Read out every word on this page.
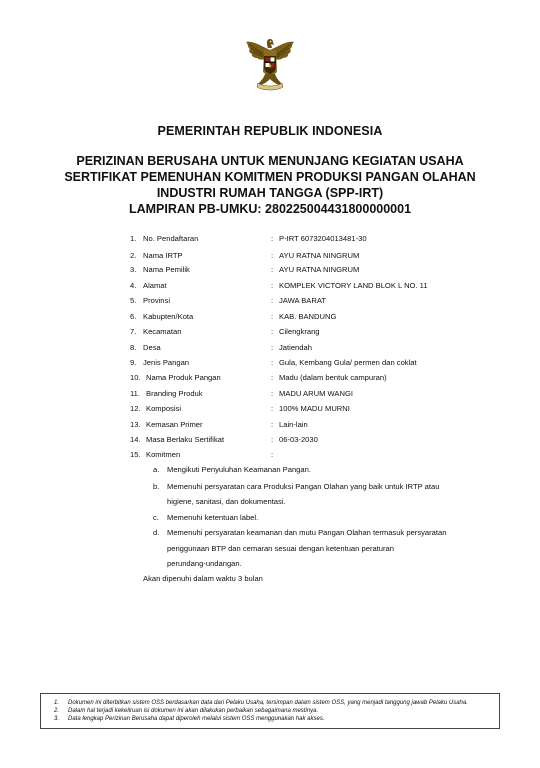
PEMERINTAH REPUBLIK INDONESIA
PERIZINAN BERUSAHA UNTUK MENUNJANG KEGIATAN USAHA
SERTIFIKAT PEMENUHAN KOMITMEN PRODUKSI PANGAN OLAHAN
INDUSTRI RUMAH TANGGA (SPP-IRT)
LAMPIRAN PB-UMKU: 280225004431800000001
1. No. Pendaftaran	: P-IRT 6073204013481-30
2. Nama IRTP	: AYU RATNA NINGRUM
3. Nama Pemilik	: AYU RATNA NINGRUM
4. Alamat	: KOMPLEK VICTORY LAND BLOK L NO. 11
5. Provinsi	: JAWA BARAT
6. Kabupten/Kota	: KAB. BANDUNG
7. Kecamatan	: Cilengkrang
8. Desa	: Jatiendah
9. Jenis Pangan	: Gula, Kembang Gula/ permen dan coklat
10. Nama Produk Pangan	: Madu (dalam bentuk campuran)
11. Branding Produk	: MADU ARUM WANGI
12. Komposisi	: 100% MADU MURNI
13. Kemasan Primer	: Lain-lain
14. Masa Berlaku Sertifikat	: 06-03-2030
15. Komitmen	:
a. Mengikuti Penyuluhan Keamanan Pangan.
b. Memenuhi persyaratan cara Produksi Pangan Olahan yang baik untuk IRTP atau
higiene, sanitasi, dan dokumentasi.
c. Memenuhi ketentuan label.
d. Memenuhi persyaratan keamanan dan mutu Pangan Olahan termasuk persyaratan
penggunaan BTP dan cemaran sesuai dengan ketentuan peraturan
perundang-undangan.
Akan dipenuhi dalam waktu 3 bulan
1. Dokumen ini diterbitkan sistem OSS berdasarkan data dari Pelaku Usaha, tersimpan dalam sistem OSS, yang menjadi tanggung jawab Pelaku Usaha.
2. Dalam hal terjadi kekeliruan isi dokumen ini akan dilakukan perbaikan sebagaimana mestinya.
3. Data lengkap Perizinan Berusaha dapat diperoleh melalui sistem OSS menggunakan hak akses.
